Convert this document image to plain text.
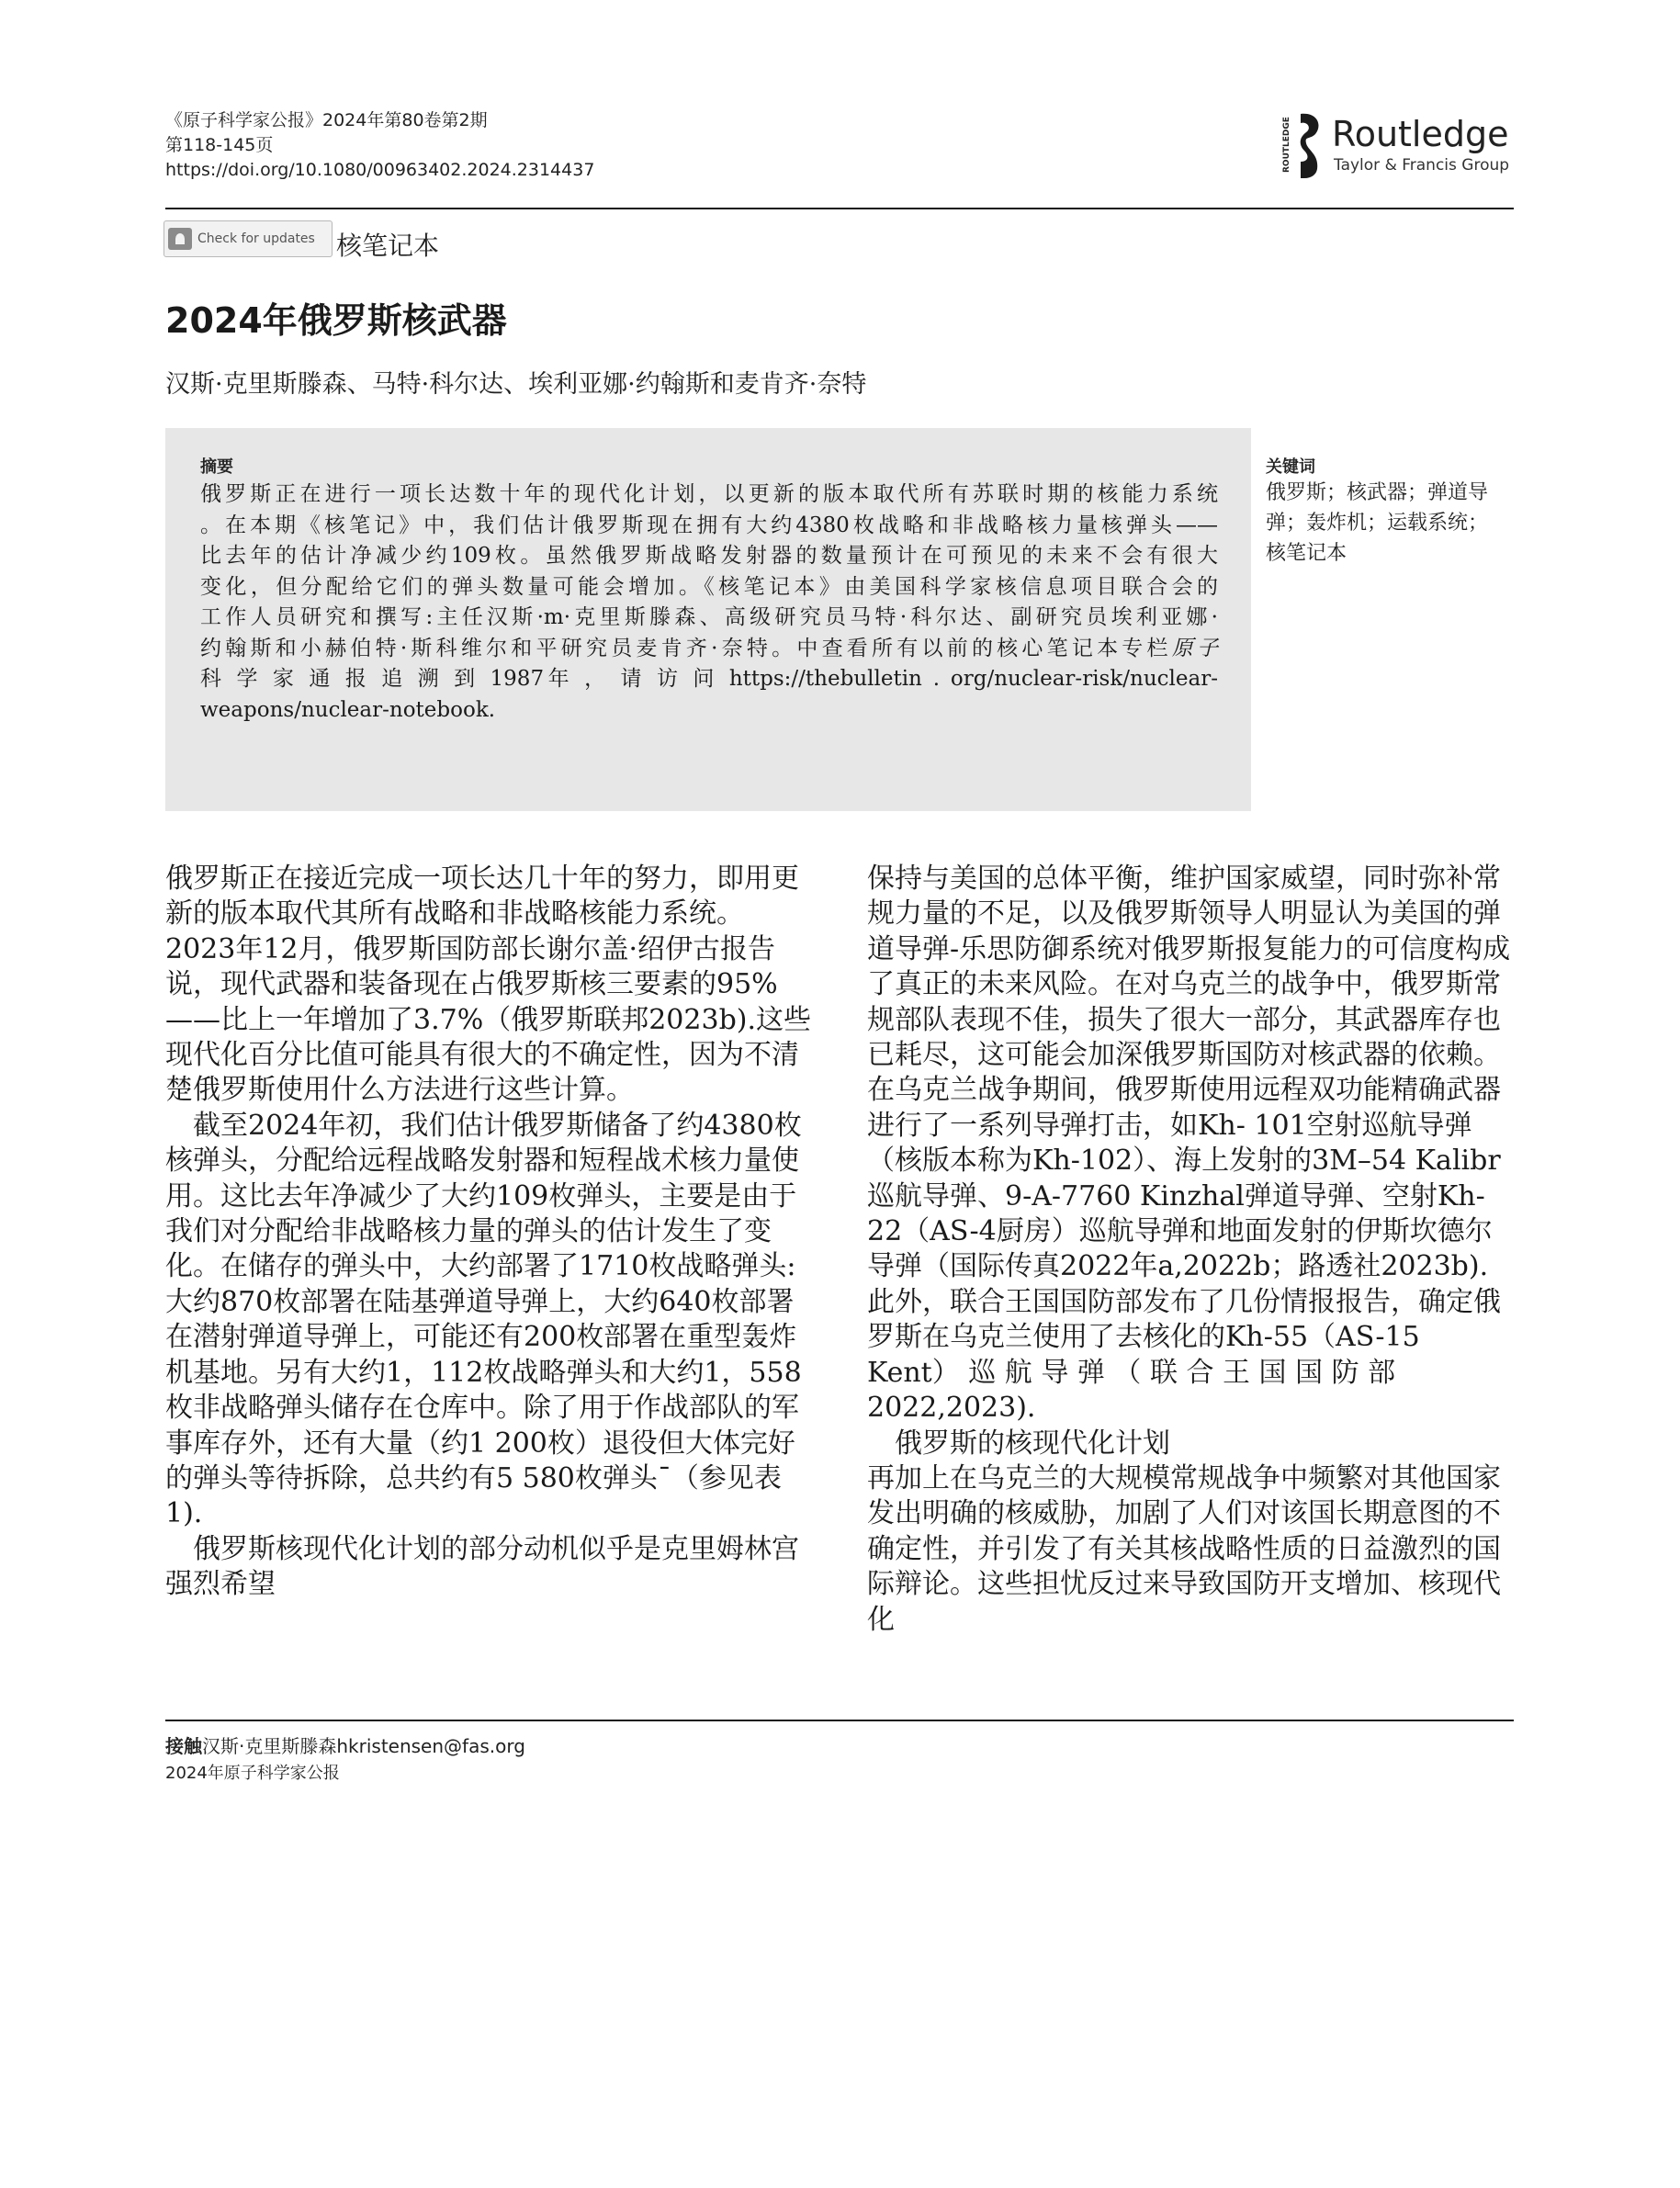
《原子科学家公报》2024年第80卷第2期
第118-145页
https://doi.org/10.1080/00963402.2024.2314437	ROUTLEDGE Routledge
Taylor & Francis Group
Check for updates 核笔记本
2024年俄罗斯核武器
汉斯·克里斯滕森、马特·科尔达、埃利亚娜·约翰斯和麦肯齐·奈特
摘要
俄罗斯正在进行一项长达数十年的现代化计划，以更新的版本取代所有苏联时期的核能力系统
。在本期《核笔记》中，我们估计俄罗斯现在拥有大约4380枚战略和非战略核力量核弹头——
比去年的估计净减少约109枚。虽然俄罗斯战略发射器的数量预计在可预见的未来不会有很大
变化，但分配给它们的弹头数量可能会增加。《核笔记本》由美国科学家核信息项目联合会的
工作人员研究和撰写:主任汉斯·m·克里斯滕森、高级研究员马特·科尔达、副研究员埃利亚娜·
约翰斯和小赫伯特·斯科维尔和平研究员麦肯齐·奈特。中查看所有以前的核心笔记本专栏原子
科 学 家 通 报 追 溯 到 1987年 ， 请 访 问 https://thebulletin . org/nuclear-risk/nuclear-
weapons/nuclear-notebook.
关键词
俄罗斯；核武器；弹道导弹；轰炸机；运载系统；核笔记本

俄罗斯正在接近完成一项长达几十年的努力，即用更新的版本取代其所有战略和非战略核能力系统。

2023年12月，俄罗斯国防部长谢尔盖·绍伊古报告说，现代武器和装备现在占俄罗斯核三要素的95%——比上一年增加了3.7%（俄罗斯联邦2023b).这些现代化百分比值可能具有很大的不确定性，因为不清楚俄罗斯使用什么方法进行这些计算。

截至2024年初，我们估计俄罗斯储备了约4380枚核弹头，分配给远程战略发射器和短程战术核力量使用。这比去年净减少了大约109枚弹头，主要是由于我们对分配给非战略核力量的弹头的估计发生了变化。在储存的弹头中，大约部署了1710枚战略弹头:大约870枚部署在陆基弹道导弹上，大约640枚部署在潜射弹道导弹上，可能还有200枚部署在重型轰炸机基地。另有大约1，112枚战略弹头和大约1，558枚非战略弹头储存在仓库中。除了用于作战部队的军事库存外，还有大量（约1 200枚）退役但大体完好的弹头等待拆除，总共约有5 580枚弹头¯（参见表1).

俄罗斯核现代化计划的部分动机似乎是克里姆林宫强烈希望

保持与美国的总体平衡，维护国家威望，同时弥补常规力量的不足，以及俄罗斯领导人明显认为美国的弹道导弹-乐思防御系统对俄罗斯报复能力的可信度构成了真正的未来风险。在对乌克兰的战争中，俄罗斯常规部队表现不佳，损失了很大一部分，其武器库存也已耗尽，这可能会加深俄罗斯国防对核武器的依赖。在乌克兰战争期间，俄罗斯使用远程双功能精确武器进行了一系列导弹打击，如Kh- 101空射巡航导弹（核版本称为Kh-102）、海上发射的3M–54 Kalibr巡航导弹、9-A-7760 Kinzhal弹道导弹、空射Kh-22（AS-4厨房）巡航导弹和地面发射的伊斯坎德尔导弹（国际传真2022年a,2022b；路透社2023b).此外，联合王国国防部发布了几份情报报告，确定俄罗斯在乌克兰使用了去核化的Kh-55（AS-15 Kent） 巡 航 导 弹 （ 联 合 王 国 国 防 部 2022,2023).

俄罗斯的核现代化计划

再加上在乌克兰的大规模常规战争中频繁对其他国家发出明确的核威胁，加剧了人们对该国长期意图的不确定性，并引发了有关其核战略性质的日益激烈的国际辩论。这些担忧反过来导致国防开支增加、核现代化

接触汉斯·克里斯滕森hkristensen@fas.org
2024年原子科学家公报
